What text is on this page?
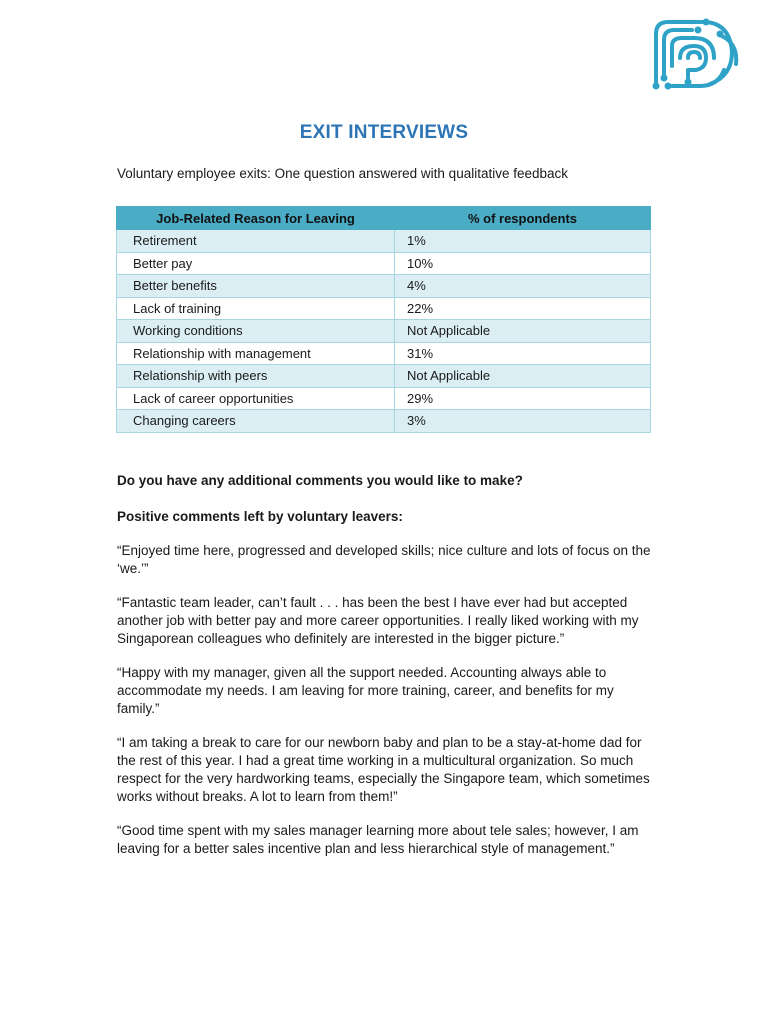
EXIT INTERVIEWS
Voluntary employee exits: One question answered with qualitative feedback
Job-Related Reason for Leaving	% of respondents
Retirement	1%
Better pay	10%
Better benefits	4%
Lack of training	22%
Working conditions	Not Applicable
Relationship with management	31%
Relationship with peers	Not Applicable
Lack of career opportunities	29%
Changing careers	3%
Do you have any additional comments you would like to make?
Positive comments left by voluntary leavers:

“Enjoyed time here, progressed and developed skills; nice culture and lots of focus on the ‘we.’”

“Fantastic team leader, can’t fault . . . has been the best I have ever had but accepted another job with better pay and more career opportunities. I really liked working with my Singaporean colleagues who definitely are interested in the bigger picture.”

“Happy with my manager, given all the support needed. Accounting always able to accommodate my needs. I am leaving for more training, career, and benefits for my family.”

“I am taking a break to care for our newborn baby and plan to be a stay-at-home dad for the rest of this year. I had a great time working in a multicultural organization. So much respect for the very hardworking teams, especially the Singapore team, which sometimes works without breaks. A lot to learn from them!”

“Good time spent with my sales manager learning more about tele sales; however, I am leaving for a better sales incentive plan and less hierarchical style of management.”
